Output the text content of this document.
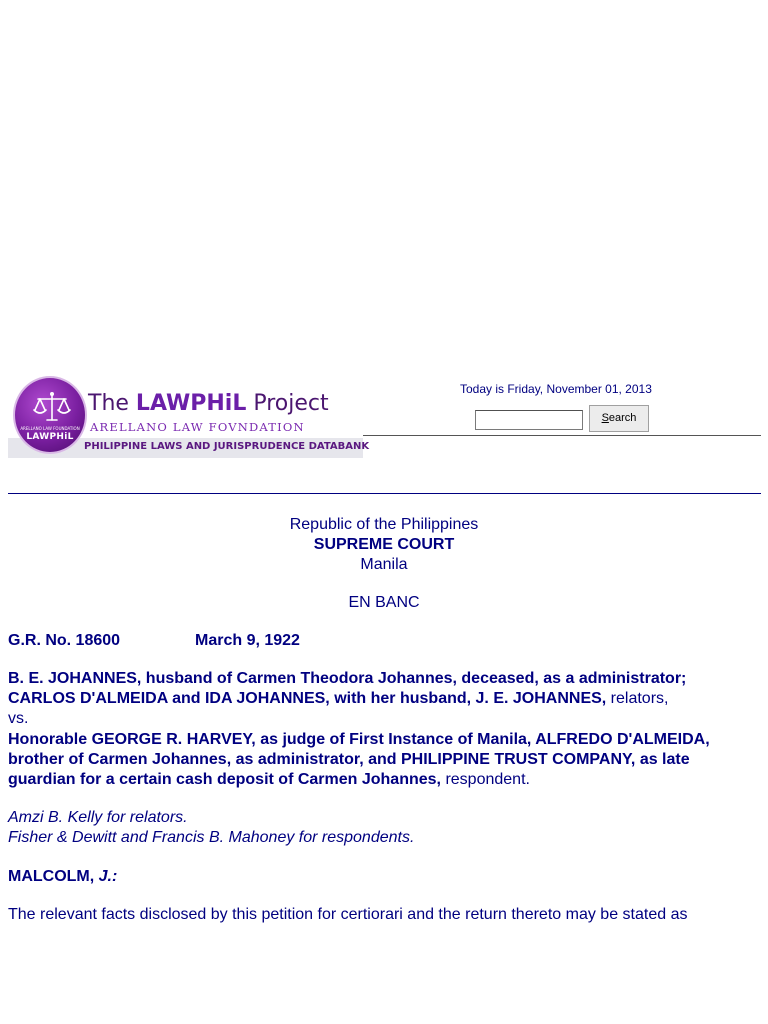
ARELLANO LAW FOUNDATION
LAWPHiL
The LAWPHiL Project
ARELLANO LAW FOVNDATION
PHILIPPINE LAWS AND JURISPRUDENCE DATABANK
Today is Friday, November 01, 2013
Search
Republic of the Philippines
SUPREME COURT
Manila
EN BANC
G.R. No. 18600	March 9, 1922
B. E. JOHANNES, husband of Carmen Theodora Johannes, deceased, as a administrator;
CARLOS D'ALMEIDA and IDA JOHANNES, with her husband, J. E. JOHANNES, relators,
vs.
Honorable GEORGE R. HARVEY, as judge of First Instance of Manila, ALFREDO D'ALMEIDA,
brother of Carmen Johannes, as administrator, and PHILIPPINE TRUST COMPANY, as late
guardian for a certain cash deposit of Carmen Johannes, respondent.
Amzi B. Kelly for relators.
Fisher & Dewitt and Francis B. Mahoney for respondents.
MALCOLM, J.:
The relevant facts disclosed by this petition for certiorari and the return thereto may be stated as
